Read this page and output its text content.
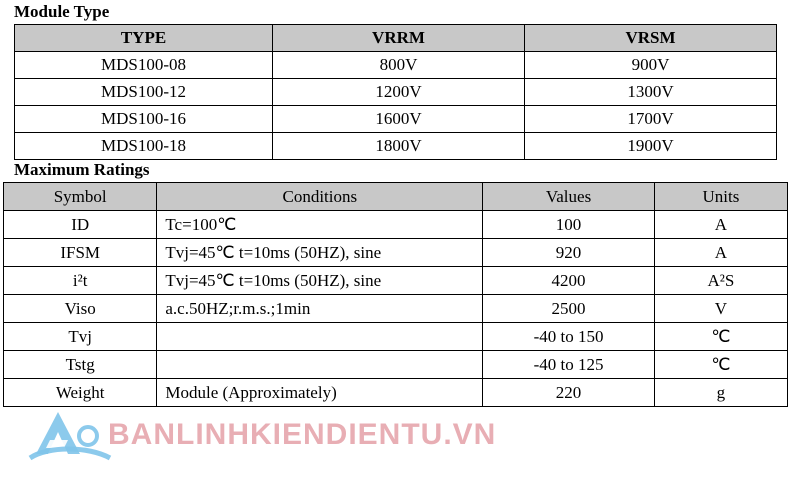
Module Type
TYPE	VRRM	VRSM
MDS100-08	800V	900V
MDS100-12	1200V	1300V
MDS100-16	1600V	1700V
MDS100-18	1800V	1900V
Maximum Ratings
Symbol	Conditions	Values	Units
ID	Tc=100℃	100	A
IFSM	Tvj=45℃ t=10ms (50HZ), sine	920	A
i²t	Tvj=45℃ t=10ms (50HZ), sine	4200	A²S
Viso	a.c.50HZ;r.m.s.;1min	2500	V
Tvj		-40 to 150	℃
Tstg		-40 to 125	℃
Weight	Module (Approximately)	220	g
BANLINHKIENDIENTU.VN
